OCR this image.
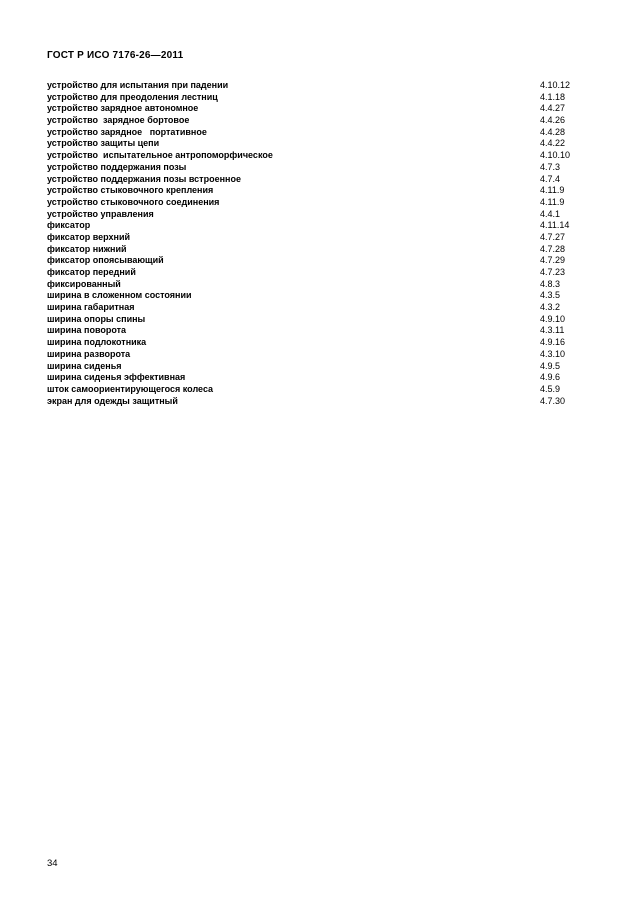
ГОСТ Р ИСО 7176-26—2011
устройство для испытания при падении	4.10.12
устройство для преодоления лестниц	4.1.18
устройство зарядное автономное	4.4.27
устройство  зарядное бортовое	4.4.26
устройство зарядное   портативное	4.4.28
устройство защиты цепи	4.4.22
устройство  испытательное антропоморфическое	4.10.10
устройство поддержания позы	4.7.3
устройство поддержания позы встроенное	4.7.4
устройство стыковочного крепления	4.11.9
устройство стыковочного соединения	4.11.9
устройство управления	4.4.1
фиксатор	4.11.14
фиксатор верхний	4.7.27
фиксатор нижний	4.7.28
фиксатор опоясывающий	4.7.29
фиксатор передний	4.7.23
фиксированный	4.8.3
ширина в сложенном состоянии	4.3.5
ширина габаритная	4.3.2
ширина опоры спины	4.9.10
ширина поворота	4.3.11
ширина подлокотника	4.9.16
ширина разворота	4.3.10
ширина сиденья	4.9.5
ширина сиденья эффективная	4.9.6
шток самоориентирующегося колеса	4.5.9
экран для одежды защитный	4.7.30
34
